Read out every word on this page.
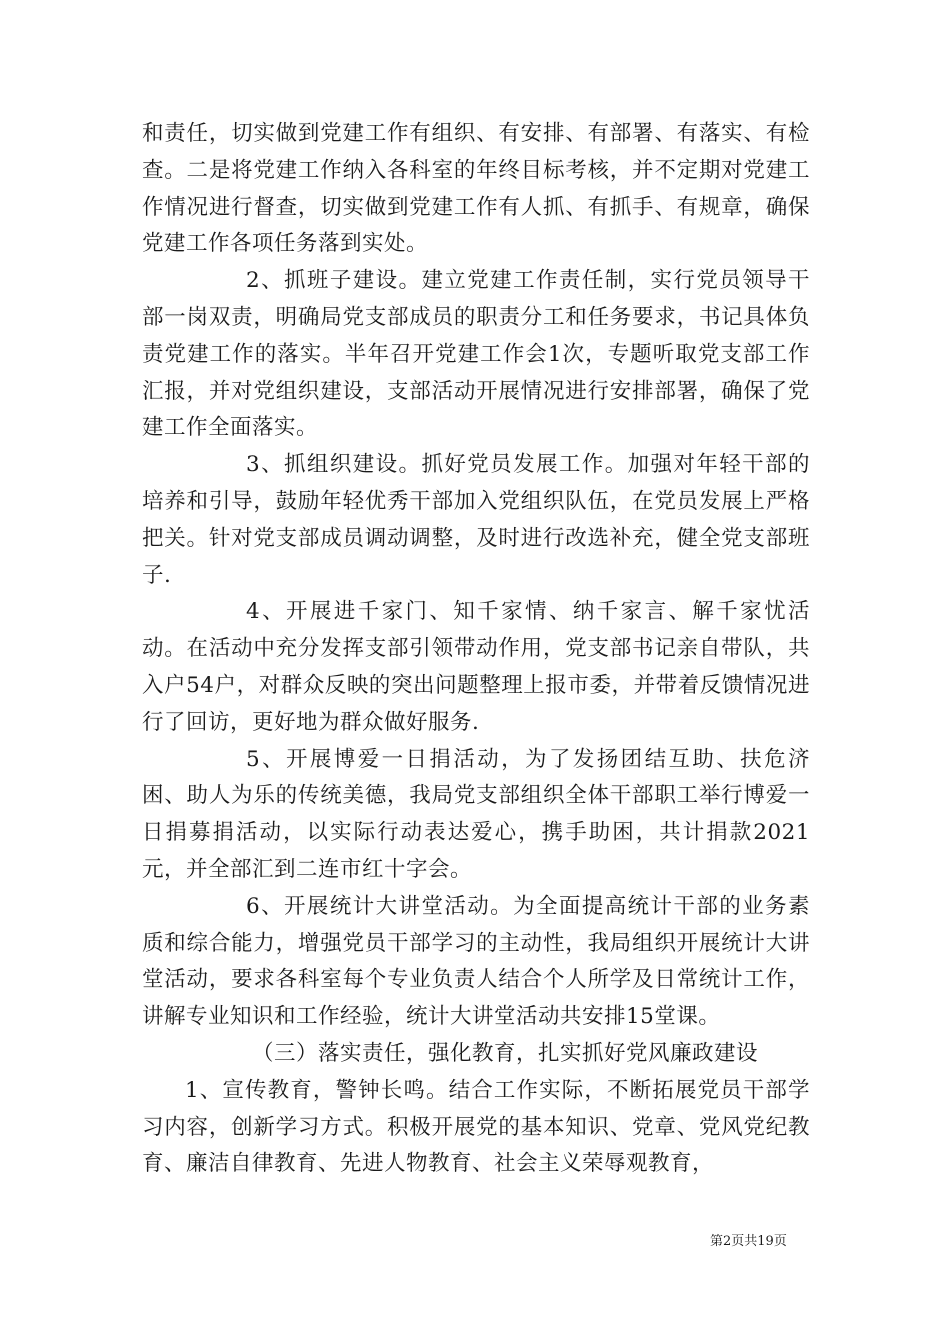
和责任，切实做到党建工作有组织、有安排、有部署、有落实、有检查。二是将党建工作纳入各科室的年终目标考核，并不定期对党建工作情况进行督查，切实做到党建工作有人抓、有抓手、有规章，确保党建工作各项任务落到实处。

2、抓班子建设。建立党建工作责任制，实行党员领导干部一岗双责，明确局党支部成员的职责分工和任务要求，书记具体负责党建工作的落实。半年召开党建工作会1次，专题听取党支部工作汇报，并对党组织建设，支部活动开展情况进行安排部署，确保了党建工作全面落实。

3、抓组织建设。抓好党员发展工作。加强对年轻干部的培养和引导，鼓励年轻优秀干部加入党组织队伍，在党员发展上严格把关。针对党支部成员调动调整，及时进行改选补充，健全党支部班子.

4、开展进千家门、知千家情、纳千家言、解千家忧活动。在活动中充分发挥支部引领带动作用，党支部书记亲自带队，共入户54户，对群众反映的突出问题整理上报市委，并带着反馈情况进行了回访，更好地为群众做好服务.

5、开展博爱一日捐活动，为了发扬团结互助、扶危济困、助人为乐的传统美德，我局党支部组织全体干部职工举行博爱一日捐募捐活动，以实际行动表达爱心，携手助困，共计捐款2021元，并全部汇到二连市红十字会。

6、开展统计大讲堂活动。为全面提高统计干部的业务素质和综合能力，增强党员干部学习的主动性，我局组织开展统计大讲堂活动，要求各科室每个专业负责人结合个人所学及日常统计工作，讲解专业知识和工作经验，统计大讲堂活动共安排15堂课。

（三）落实责任，强化教育，扎实抓好党风廉政建设

1、宣传教育，警钟长鸣。结合工作实际，不断拓展党员干部学习内容，创新学习方式。积极开展党的基本知识、党章、党风党纪教育、廉洁自律教育、先进人物教育、社会主义荣辱观教育，

第2页共19页
